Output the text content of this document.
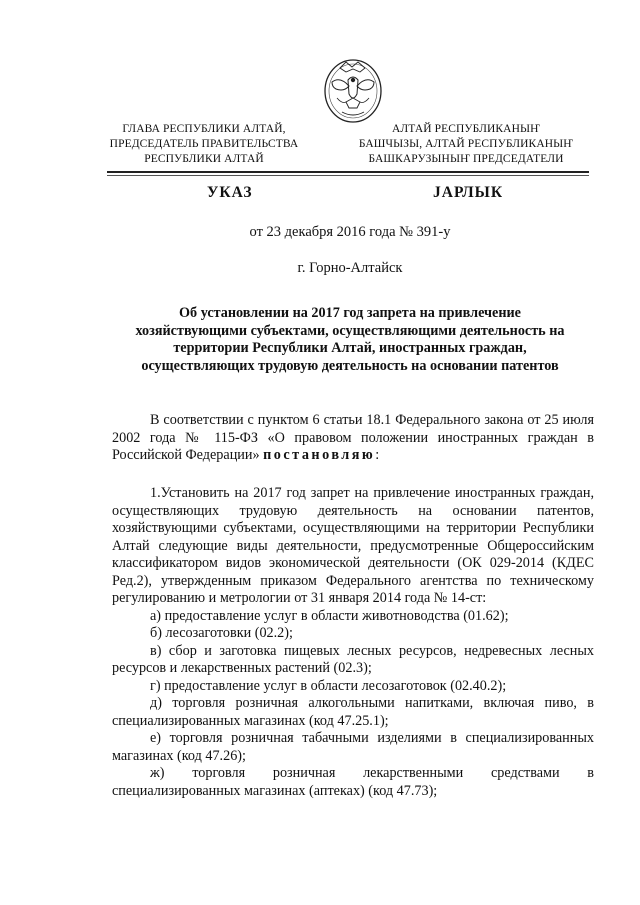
ГЛАВА РЕСПУБЛИКИ АЛТАЙ,
ПРЕДСЕДАТЕЛЬ ПРАВИТЕЛЬСТВА
РЕСПУБЛИКИ АЛТАЙ
АЛТАЙ РЕСПУБЛИКАНЫҤ
БАШЧЫЗЫ, АЛТАЙ РЕСПУБЛИКАНЫҤ
БАШКАРУЗЫНЫҤ ПРЕДСЕДАТЕЛИ
УКАЗ	ЈАРЛЫК
от 23 декабря 2016 года № 391-у
г. Горно-Алтайск
Об установлении на 2017 год запрета на привлечение
хозяйствующими субъектами, осуществляющими деятельность на
территории Республики Алтай, иностранных граждан,
осуществляющих трудовую деятельность на основании патентов
В соответствии с пунктом 6 статьи 18.1 Федерального закона от 25 июля 2002 года № 115-ФЗ «О правовом положении иностранных граждан в Российской Федерации» постановляю:
1.Установить на 2017 год запрет на привлечение иностранных граждан, осуществляющих трудовую деятельность на основании патентов, хозяйствующими субъектами, осуществляющими на территории Республики Алтай следующие виды деятельности, предусмотренные Общероссийским классификатором видов экономической деятельности (ОК 029-2014 (КДЕС Ред.2), утвержденным приказом Федерального агентства по техническому регулированию и метрологии от 31 января 2014 года № 14-ст:
а) предоставление услуг в области животноводства (01.62);
б) лесозаготовки (02.2);
в) сбор и заготовка пищевых лесных ресурсов, недревесных лесных ресурсов и лекарственных растений (02.3);
г) предоставление услуг в области лесозаготовок (02.40.2);
д) торговля розничная алкогольными напитками, включая пиво, в специализированных магазинах (код 47.25.1);
е) торговля розничная табачными изделиями в специализированных магазинах (код 47.26);
ж) торговля розничная лекарственными средствами в специализированных магазинах (аптеках) (код 47.73);
